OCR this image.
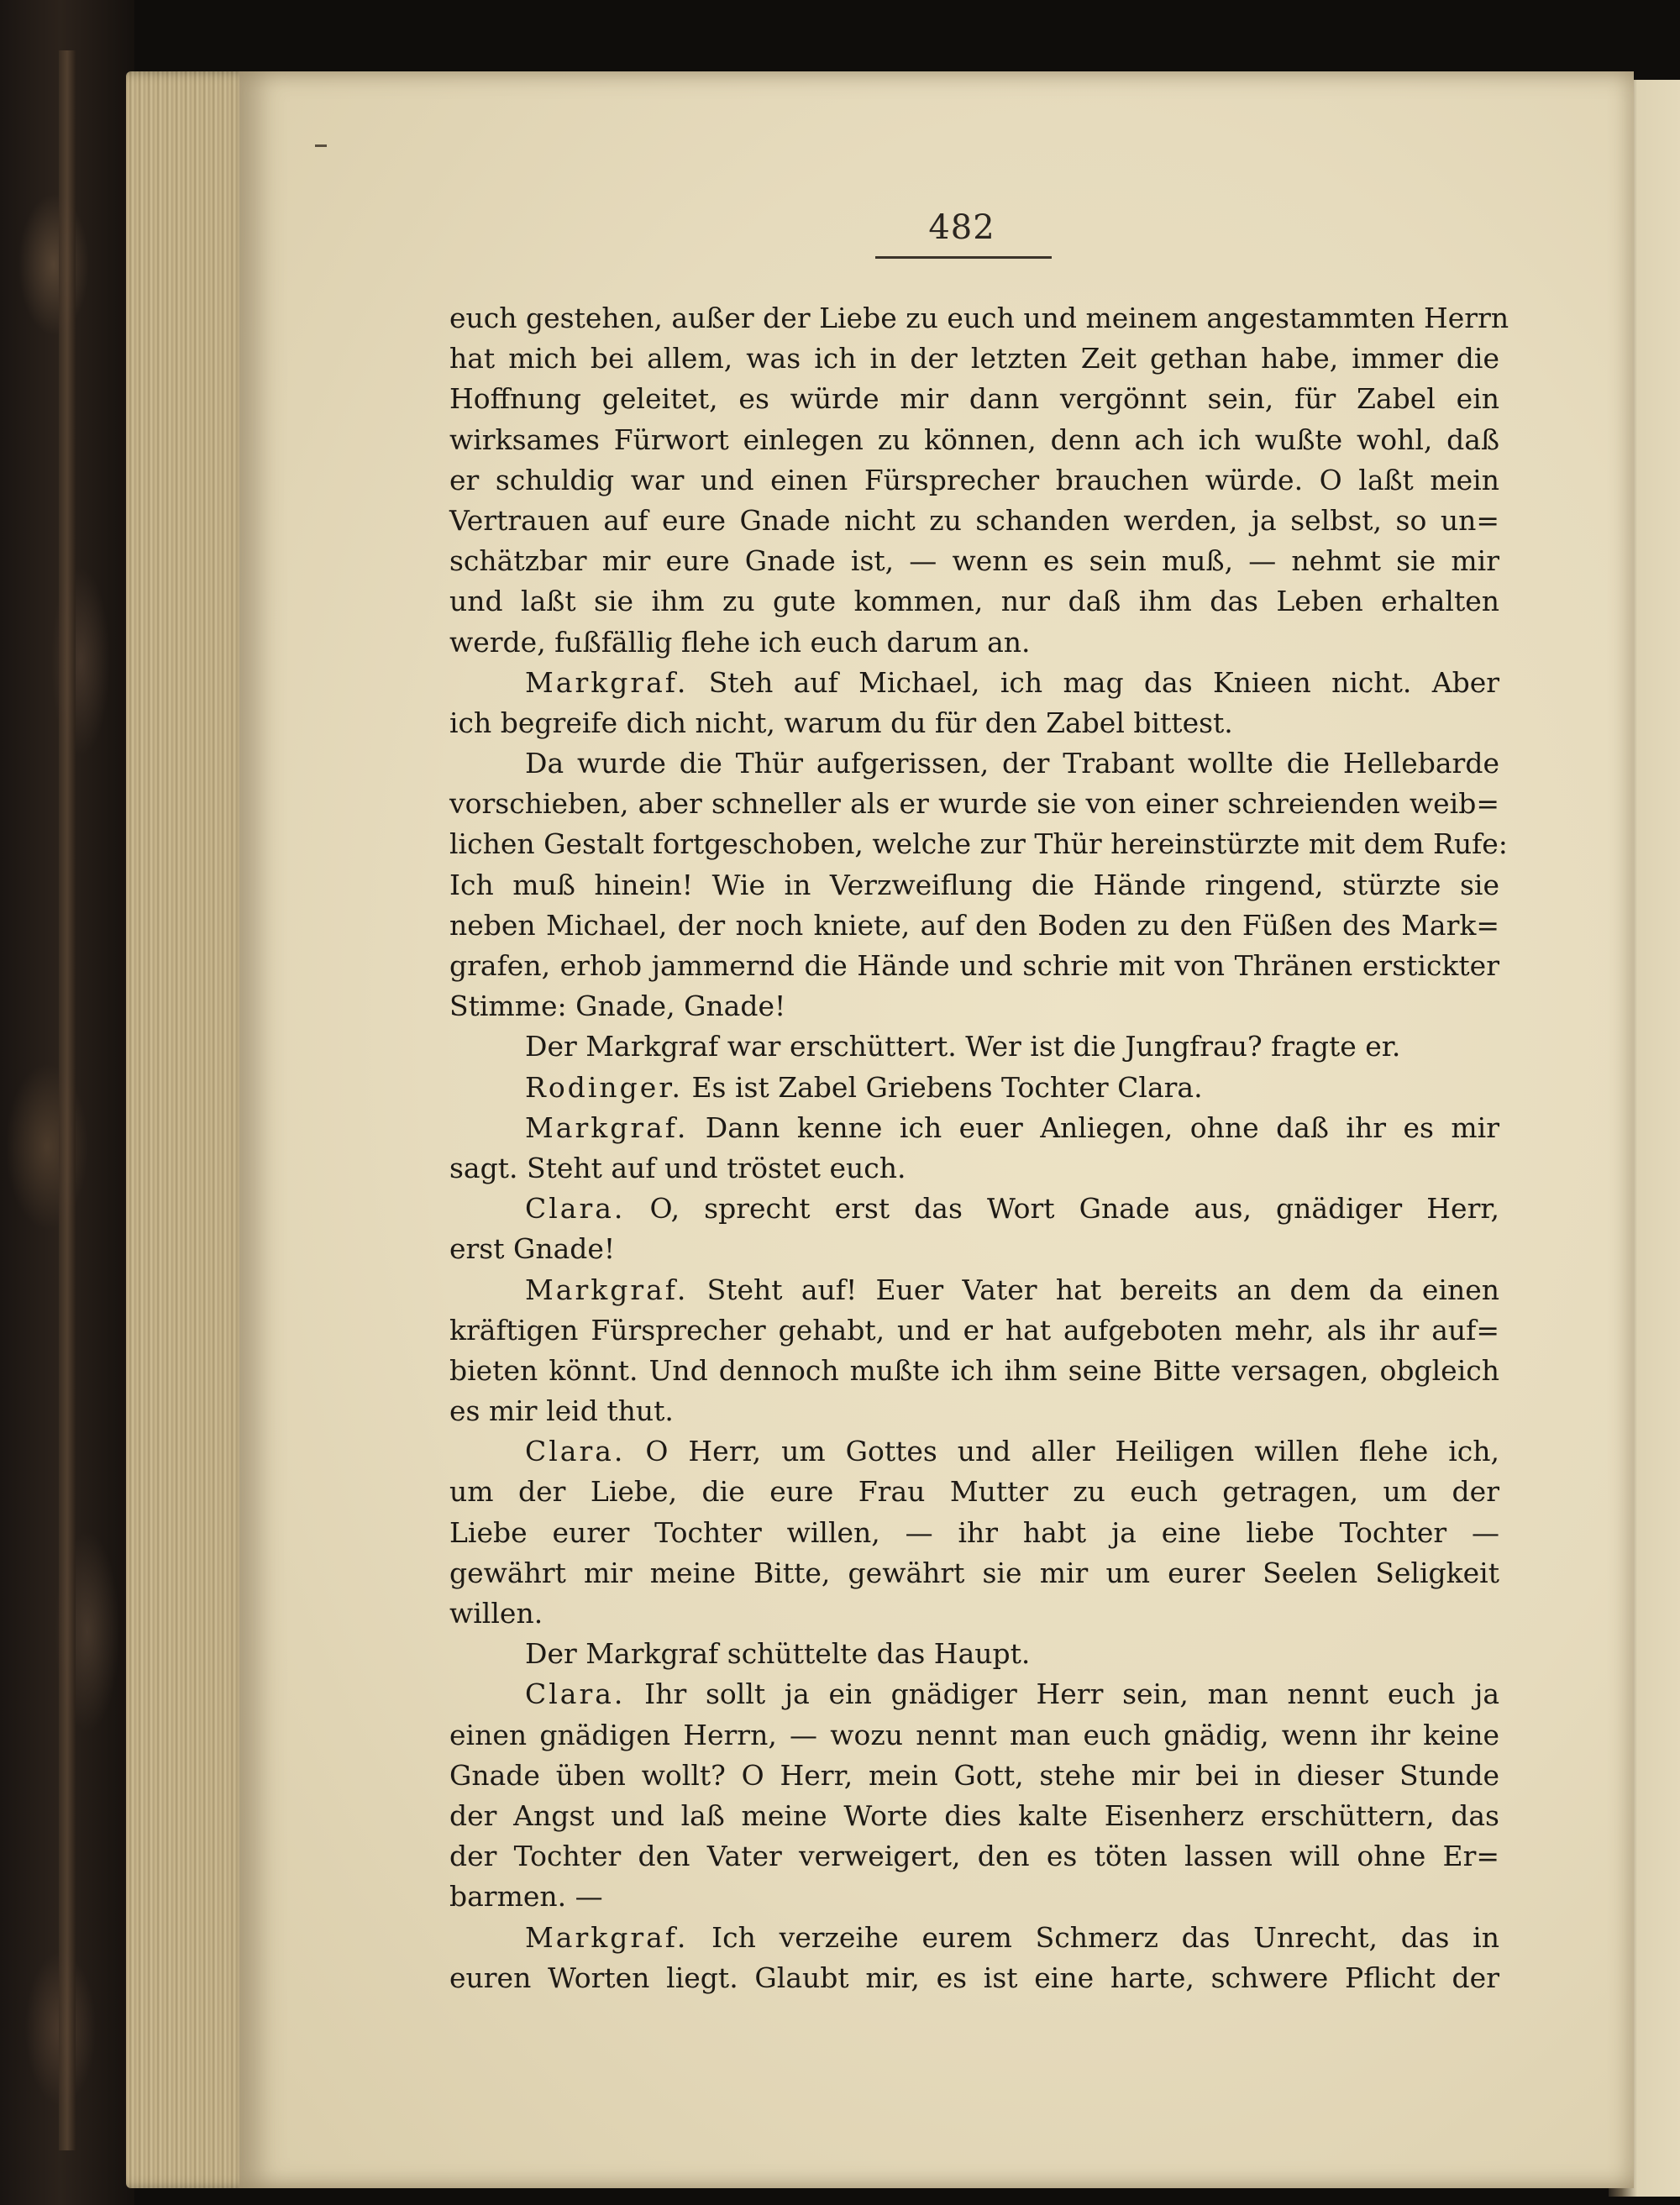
482
euch gestehen, außer der Liebe zu euch und meinem angestammten Herrn
hat mich bei allem, was ich in der letzten Zeit gethan habe, immer die
Hoffnung geleitet, es würde mir dann vergönnt sein, für Zabel ein
wirksames Fürwort einlegen zu können, denn ach ich wußte wohl, daß
er schuldig war und einen Fürsprecher brauchen würde. O laßt mein
Vertrauen auf eure Gnade nicht zu schanden werden, ja selbst, so un=
schätzbar mir eure Gnade ist, — wenn es sein muß, — nehmt sie mir
und laßt sie ihm zu gute kommen, nur daß ihm das Leben erhalten
werde, fußfällig flehe ich euch darum an.
Markgraf. Steh auf Michael, ich mag das Knieen nicht. Aber
ich begreife dich nicht, warum du für den Zabel bittest.
Da wurde die Thür aufgerissen, der Trabant wollte die Hellebarde
vorschieben, aber schneller als er wurde sie von einer schreienden weib=
lichen Gestalt fortgeschoben, welche zur Thür hereinstürzte mit dem Rufe:
Ich muß hinein! Wie in Verzweiflung die Hände ringend, stürzte sie
neben Michael, der noch kniete, auf den Boden zu den Füßen des Mark=
grafen, erhob jammernd die Hände und schrie mit von Thränen erstickter
Stimme: Gnade, Gnade!
Der Markgraf war erschüttert. Wer ist die Jungfrau? fragte er.
Rodinger. Es ist Zabel Griebens Tochter Clara.
Markgraf. Dann kenne ich euer Anliegen, ohne daß ihr es mir
sagt. Steht auf und tröstet euch.
Clara. O, sprecht erst das Wort Gnade aus, gnädiger Herr,
erst Gnade!
Markgraf. Steht auf! Euer Vater hat bereits an dem da einen
kräftigen Fürsprecher gehabt, und er hat aufgeboten mehr, als ihr auf=
bieten könnt. Und dennoch mußte ich ihm seine Bitte versagen, obgleich
es mir leid thut.
Clara. O Herr, um Gottes und aller Heiligen willen flehe ich,
um der Liebe, die eure Frau Mutter zu euch getragen, um der
Liebe eurer Tochter willen, — ihr habt ja eine liebe Tochter —
gewährt mir meine Bitte, gewährt sie mir um eurer Seelen Seligkeit
willen.
Der Markgraf schüttelte das Haupt.
Clara. Ihr sollt ja ein gnädiger Herr sein, man nennt euch ja
einen gnädigen Herrn, — wozu nennt man euch gnädig, wenn ihr keine
Gnade üben wollt? O Herr, mein Gott, stehe mir bei in dieser Stunde
der Angst und laß meine Worte dies kalte Eisenherz erschüttern, das
der Tochter den Vater verweigert, den es töten lassen will ohne Er=
barmen. —
Markgraf. Ich verzeihe eurem Schmerz das Unrecht, das in
euren Worten liegt. Glaubt mir, es ist eine harte, schwere Pflicht der
